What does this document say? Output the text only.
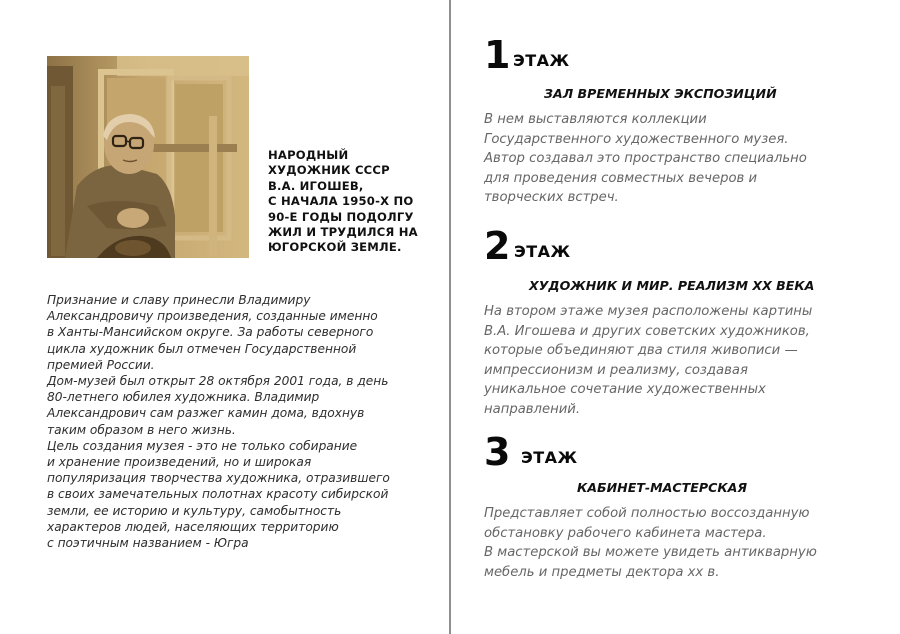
НАРОДНЫЙ
ХУДОЖНИК СССР
В.А. ИГОШЕВ,
С НАЧАЛА 1950-Х ПО
90-Е ГОДЫ ПОДОЛГУ
ЖИЛ И ТРУДИЛСЯ НА
ЮГОРСКОЙ ЗЕМЛЕ.
Признание и славу принесли Владимиру
Александровичу произведения, созданные именно
в Ханты-Мансийском округе. За работы северного
цикла художник был отмечен Государственной
премией России.
Дом-музей был открыт 28 октября 2001 года, в день
80-летнего юбилея художника. Владимир
Александрович сам разжег камин дома, вдохнув
таким образом в него жизнь.
Цель создания музея - это не только собирание
и хранение произведений, но и широкая
популяризация творчества художника, отразившего
в своих замечательных полотнах красоту сибирской
земли, ее историю и культуру, самобытность
характеров людей, населяющих территорию
с поэтичным названием - Югра
1 ЭТАЖ
ЗАЛ ВРЕМЕННЫХ ЭКСПОЗИЦИЙ
В нем выставляются коллекции
Государственного художественного музея.
Автор создавал это пространство специально
для проведения совместных вечеров и
творческих встреч.
2 ЭТАЖ
ХУДОЖНИК И МИР. РЕАЛИЗМ ХХ ВЕКА
На втором этаже музея расположены картины
В.А. Игошева и других советских художников,
которые объединяют два стиля живописи —
импрессионизм и реализму, создавая
уникальное сочетание художественных
направлений.
3 ЭТАЖ
КАБИНЕТ-МАСТЕРСКАЯ
Представляет собой полностью воссозданную
обстановку рабочего кабинета мастера.
В мастерской вы можете увидеть антикварную
мебель и предметы дектора хх в.
